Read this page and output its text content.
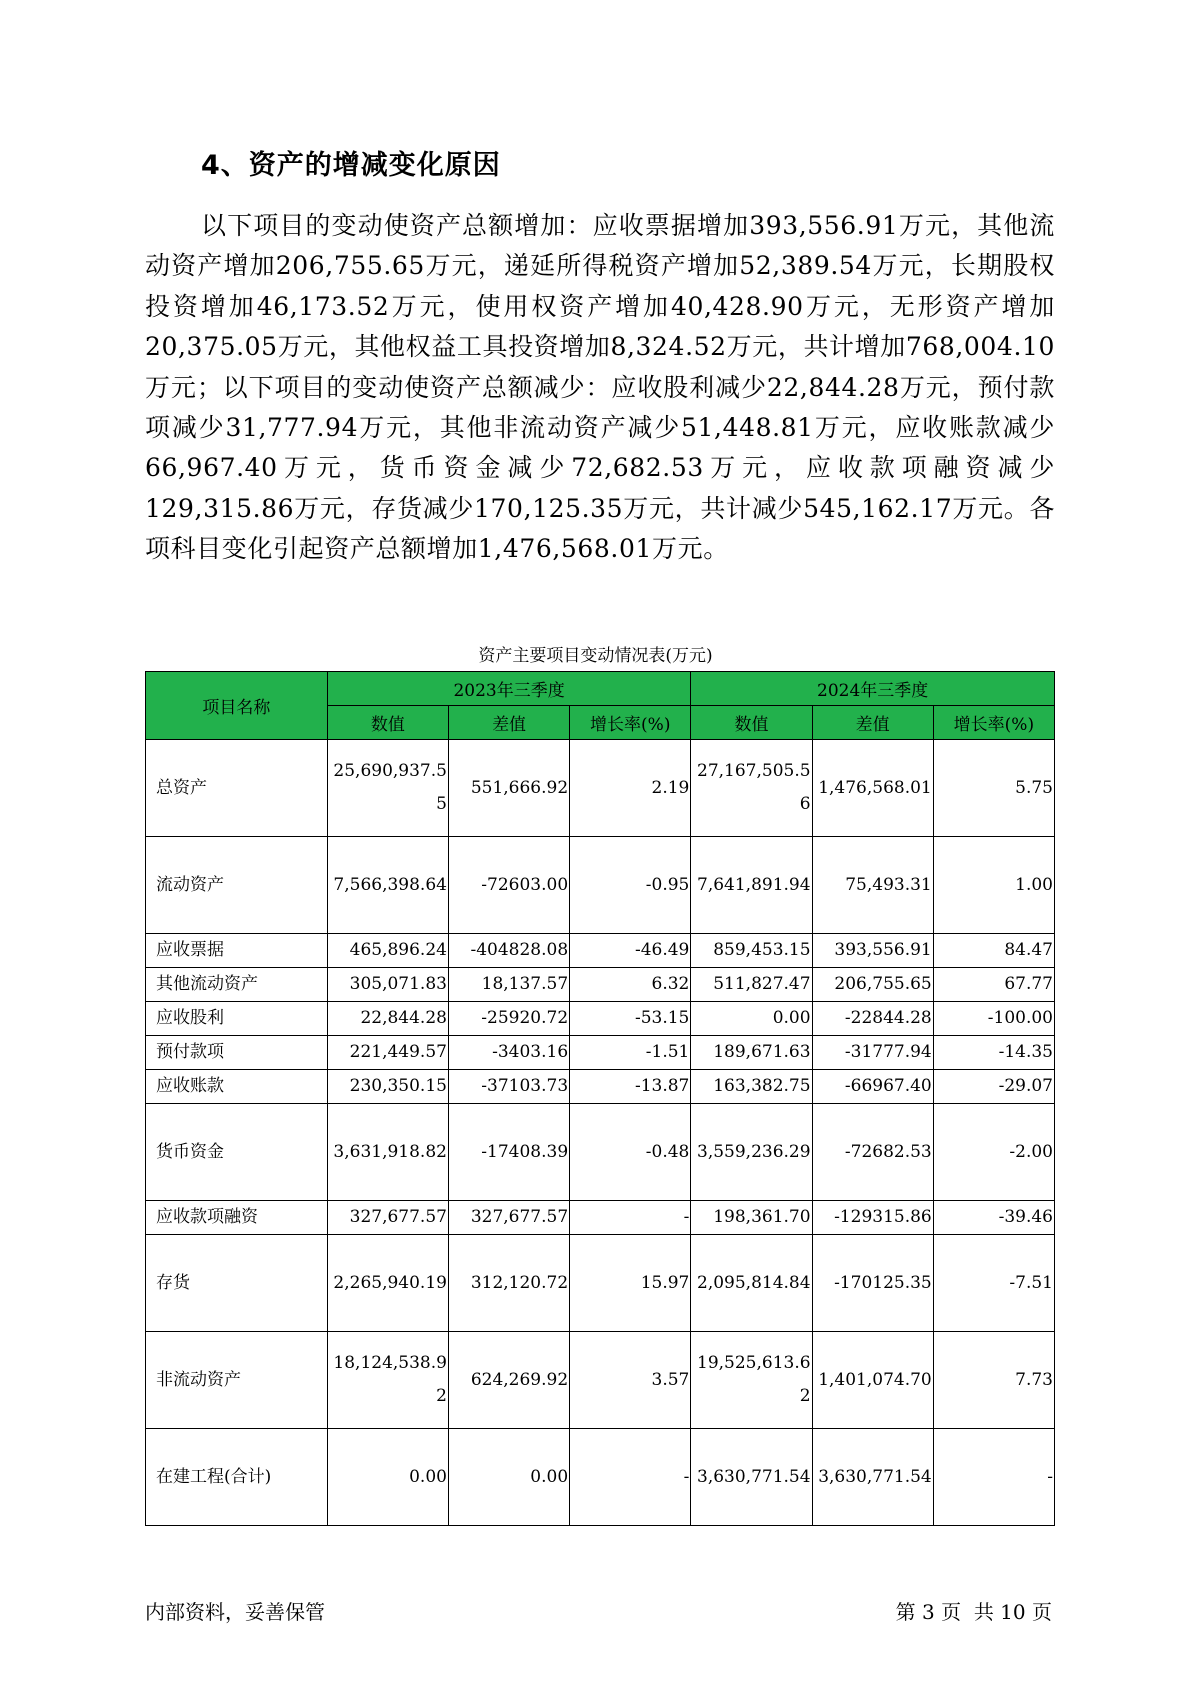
4、资产的增减变化原因
以下项目的变动使资产总额增加：应收票据增加393,556.91万元，其他流动资产增加206,755.65万元，递延所得税资产增加52,389.54万元，长期股权投资增加46,173.52万元，使用权资产增加40,428.90万元，无形资产增加20,375.05万元，其他权益工具投资增加8,324.52万元，共计增加768,004.10万元；以下项目的变动使资产总额减少：应收股利减少22,844.28万元，预付款项减少31,777.94万元，其他非流动资产减少51,448.81万元，应收账款减少66,967.40万元，货币资金减少72,682.53万元，应收款项融资减少129,315.86万元，存货减少170,125.35万元，共计减少545,162.17万元。各项科目变化引起资产总额增加1,476,568.01万元。
资产主要项目变动情况表(万元)
项目名称	2023年三季度			2024年三季度		
	数值	差值	增长率(%)	数值	差值	增长率(%)
总资产	25,690,937.55	551,666.92	2.19	27,167,505.56	1,476,568.01	5.75
流动资产	7,566,398.64	-72603.00	-0.95	7,641,891.94	75,493.31	1.00
应收票据	465,896.24	-404828.08	-46.49	859,453.15	393,556.91	84.47
其他流动资产	305,071.83	18,137.57	6.32	511,827.47	206,755.65	67.77
应收股利	22,844.28	-25920.72	-53.15	0.00	-22844.28	-100.00
预付款项	221,449.57	-3403.16	-1.51	189,671.63	-31777.94	-14.35
应收账款	230,350.15	-37103.73	-13.87	163,382.75	-66967.40	-29.07
货币资金	3,631,918.82	-17408.39	-0.48	3,559,236.29	-72682.53	-2.00
应收款项融资	327,677.57	327,677.57	-	198,361.70	-129315.86	-39.46
存货	2,265,940.19	312,120.72	15.97	2,095,814.84	-170125.35	-7.51
非流动资产	18,124,538.92	624,269.92	3.57	19,525,613.62	1,401,074.70	7.73
在建工程(合计)	0.00	0.00	-	3,630,771.54	3,630,771.54	-
内部资料，妥善保管	第 3 页  共 10 页
